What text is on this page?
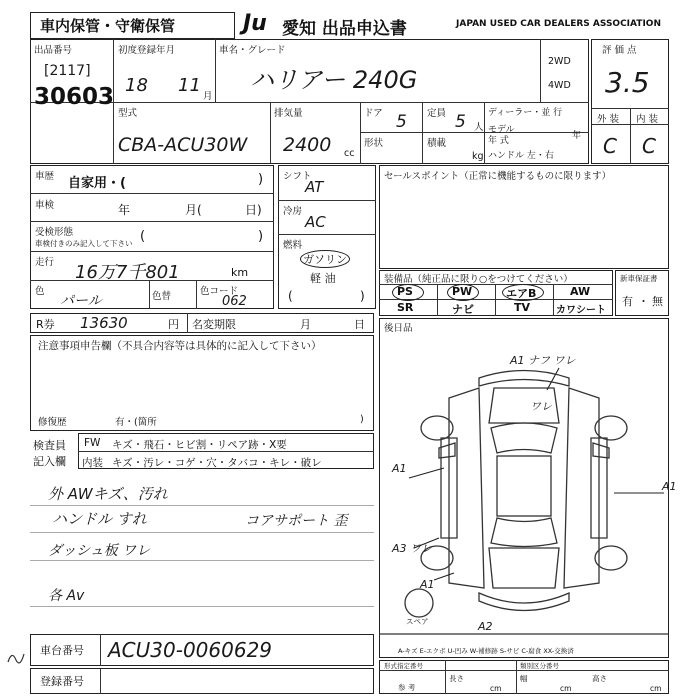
車内保管・守衛保管	Ju 愛知 出品申込書	JAPAN USED CAR DEALERS ASSOCIATION
出品番号
[2117]
30603
初度登録年月
18 11
月
車名・グレード
ハリアー 240G
2WD
4WD
型式
CBA-ACU30W
排気量
2400 cc
ドア 5 定員 5 人
形状	積載
kg
ディーラー・並 行
モデル
年 式	年
ハンドル 左・右
評 価 点
3.5
外 装 内 装
C C
車歴 自家用・(	)
車検	年	月(	日)
受検形態
車検付きのみ記入して下さい (	)
走行 16万7千801	km
色
パール	色替	色コード
062
シフト
AT
冷房
AC
燃料
ガソリン
軽 油
(	)
セールスポイント（正常に機能するものに限ります）
装備品（純正品に限り○をつけてください）
PS	PW	エアB	AW
SR	ナビ	TV	カワシート
新車保証書
有 ・ 無
R券 13630	円 名変期限	月	日 後日品
注意事項申告欄（不具合内容等は具体的に記入して下さい）
修復歴	有・(箇所	)
検査員
記入欄
FW キズ・飛石・ヒビ割・リペア跡・X要
内装 キズ・汚レ・コゲ・穴・タバコ・キレ・破レ
外 AWキズ、汚れ
ハンドル すれ	コアサポート 歪
ダッシュ板 ワレ
各 Av
A1 ナフ ワレ
ワレ
A1
A1
A3 ワレ
A1
A2
スペア
A-キズ E-エクボ U-凹み W-補修跡 S-サビ C-腐食 XX-交換済
車台番号 ACU30-0060629
登録番号
形式指定番号	類別区分番号
参 考
長さ
cm
幅
cm
高さ
cm
